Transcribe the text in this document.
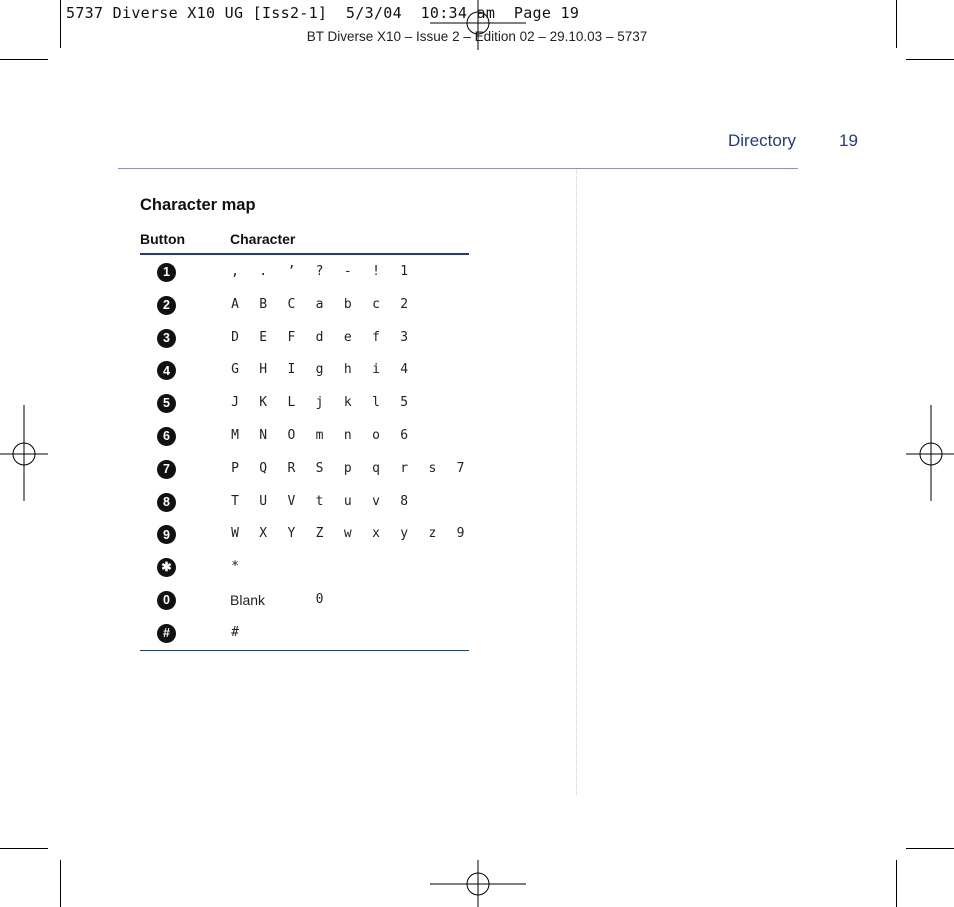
5737 Diverse X10 UG [Iss2-1]  5/3/04  10:34 am  Page 19
BT Diverse X10 – Issue 2 – Edition 02 – 29.10.03 – 5737
Directory	19
Character map
Button	Character
1	, . ’ ? - ! 1
2	A B C a b c 2
3	D E F d e f 3
4	G H I g h i 4
5	J K L j k l 5
6	M N O m n o 6
7	P Q R S p q r s 7
8	T U V t u v 8
9	W X Y Z w x y z 9
✱	*
0	Blank	0
#	#
